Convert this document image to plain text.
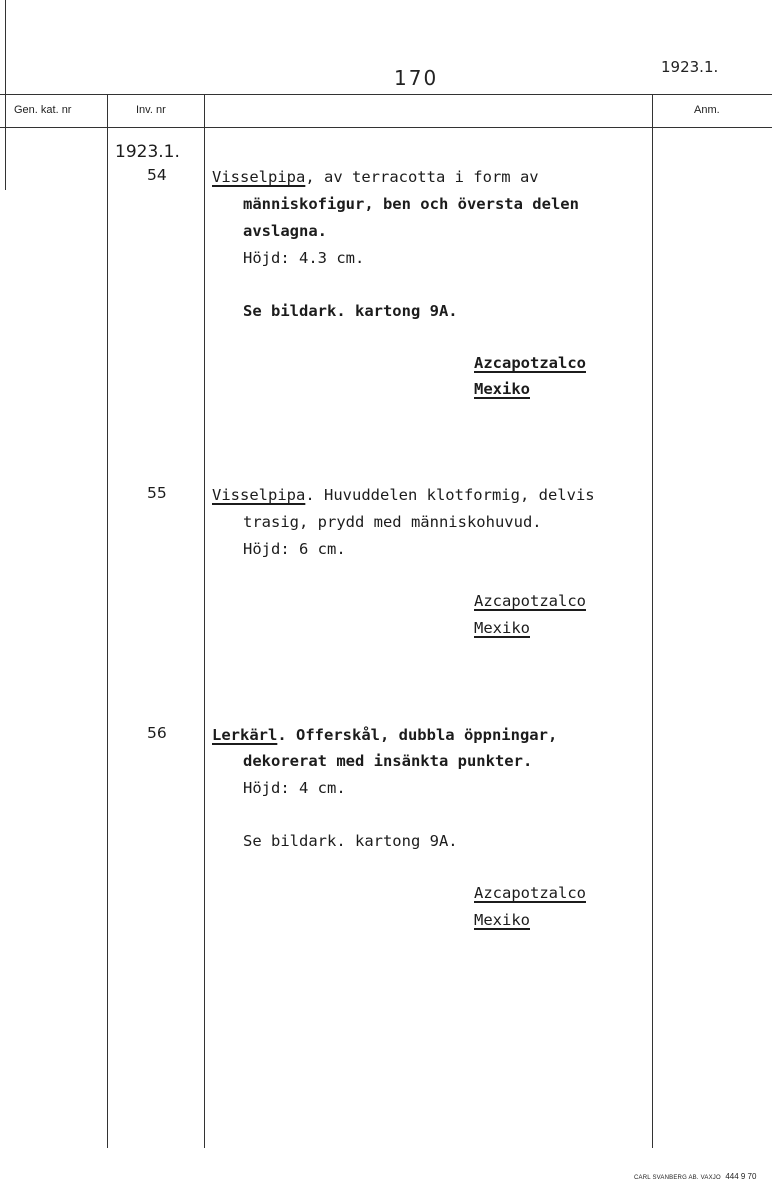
170	1923.1.
Gen. kat. nr	Inv. nr	Anm.
1923.1.
54	Visselpipa, av terracotta i form av
människofigur, ben och översta delen
avslagna.
Höjd: 4.3 cm.
Se bildark. kartong 9A.
Azcapotzalco
Mexiko
55	Visselpipa. Huvuddelen klotformig, delvis
trasig, prydd med människohuvud.
Höjd: 6 cm.
Azcapotzalco
Mexiko
56	Lerkärl. Offerskål, dubbla öppningar,
dekorerat med insänkta punkter.
Höjd: 4 cm.
Se bildark. kartong 9A.
Azcapotzalco
Mexiko
CARL SVANBERG AB. VAXJO 444 9 70
